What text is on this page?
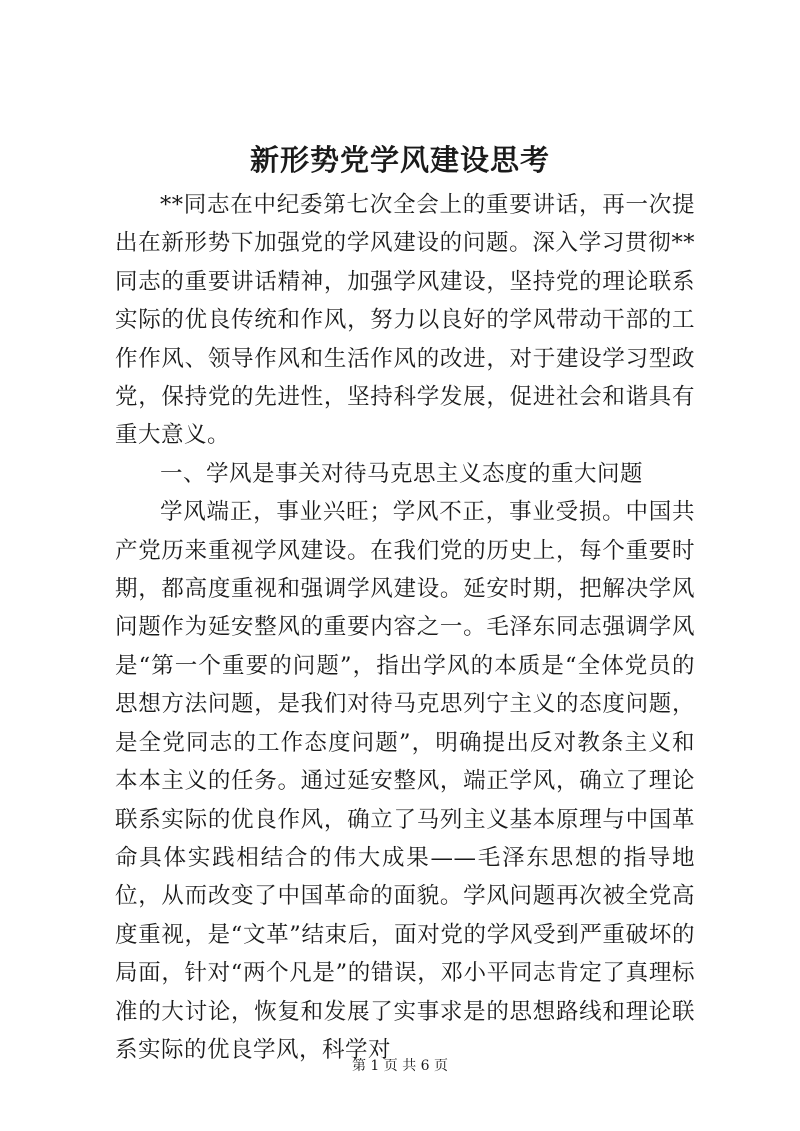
新形势党学风建设思考

**同志在中纪委第七次全会上的重要讲话，再一次提出在新形势下加强党的学风建设的问题。深入学习贯彻**同志的重要讲话精神，加强学风建设，坚持党的理论联系实际的优良传统和作风，努力以良好的学风带动干部的工作作风、领导作风和生活作风的改进，对于建设学习型政党，保持党的先进性，坚持科学发展，促进社会和谐具有重大意义。

一、学风是事关对待马克思主义态度的重大问题

学风端正，事业兴旺；学风不正，事业受损。中国共产党历来重视学风建设。在我们党的历史上，每个重要时期，都高度重视和强调学风建设。延安时期，把解决学风问题作为延安整风的重要内容之一。毛泽东同志强调学风是“第一个重要的问题”，指出学风的本质是“全体党员的思想方法问题，是我们对待马克思列宁主义的态度问题，是全党同志的工作态度问题”，明确提出反对教条主义和本本主义的任务。通过延安整风，端正学风，确立了理论联系实际的优良作风，确立了马列主义基本原理与中国革命具体实践相结合的伟大成果——毛泽东思想的指导地位，从而改变了中国革命的面貌。学风问题再次被全党高度重视，是“文革”结束后，面对党的学风受到严重破坏的局面，针对“两个凡是”的错误，邓小平同志肯定了真理标准的大讨论，恢复和发展了实事求是的思想路线和理论联系实际的优良学风，科学对

第 1 页 共 6 页
